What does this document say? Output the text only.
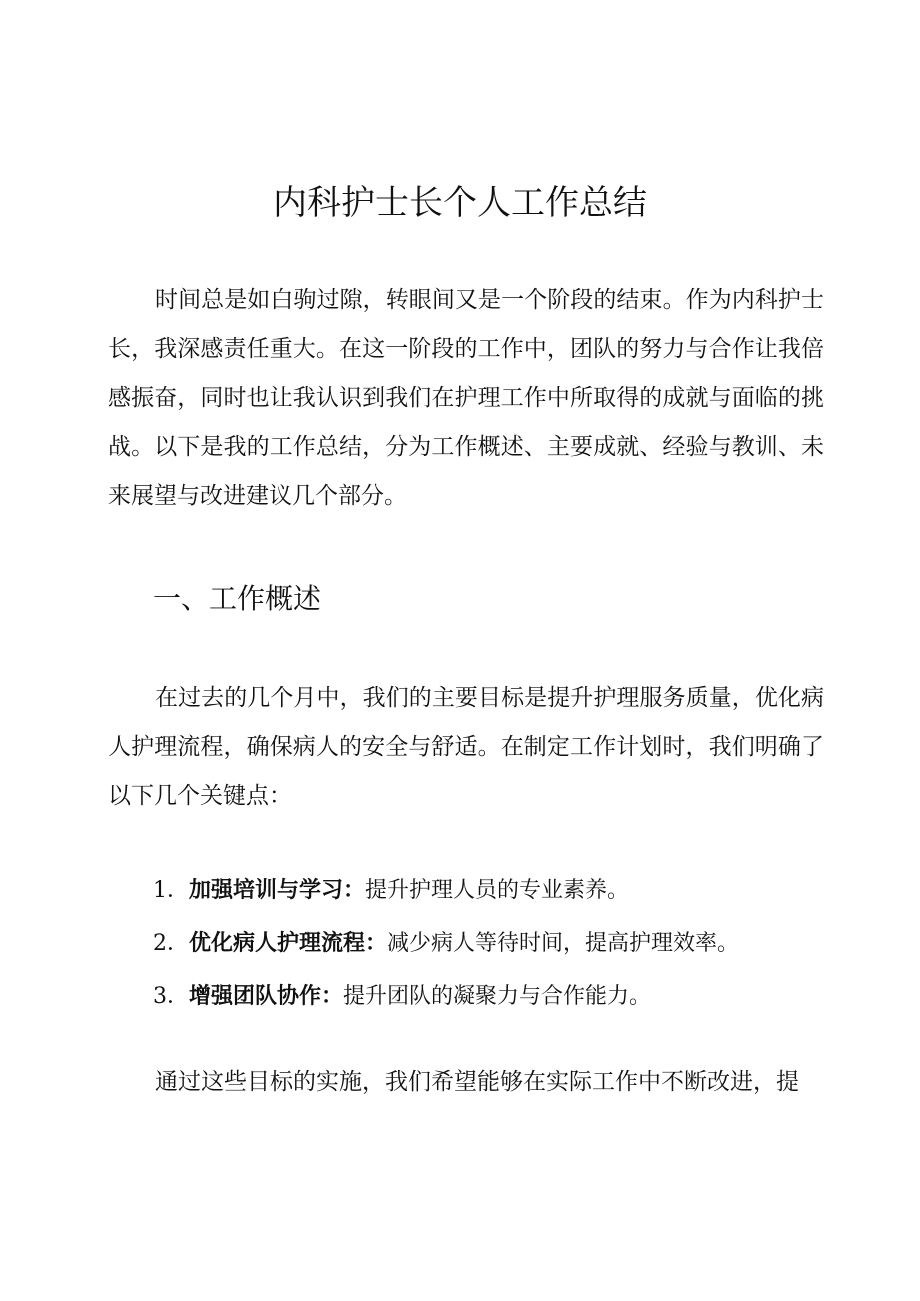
内科护士长个人工作总结

时间总是如白驹过隙，转眼间又是一个阶段的结束。作为内科护士长，我深感责任重大。在这一阶段的工作中，团队的努力与合作让我倍感振奋，同时也让我认识到我们在护理工作中所取得的成就与面临的挑战。以下是我的工作总结，分为工作概述、主要成就、经验与教训、未来展望与改进建议几个部分。

一、工作概述

在过去的几个月中，我们的主要目标是提升护理服务质量，优化病人护理流程，确保病人的安全与舒适。在制定工作计划时，我们明确了以下几个关键点：

1．加强培训与学习：提升护理人员的专业素养。
2．优化病人护理流程：减少病人等待时间，提高护理效率。
3．增强团队协作：提升团队的凝聚力与合作能力。

通过这些目标的实施，我们希望能够在实际工作中不断改进，提
